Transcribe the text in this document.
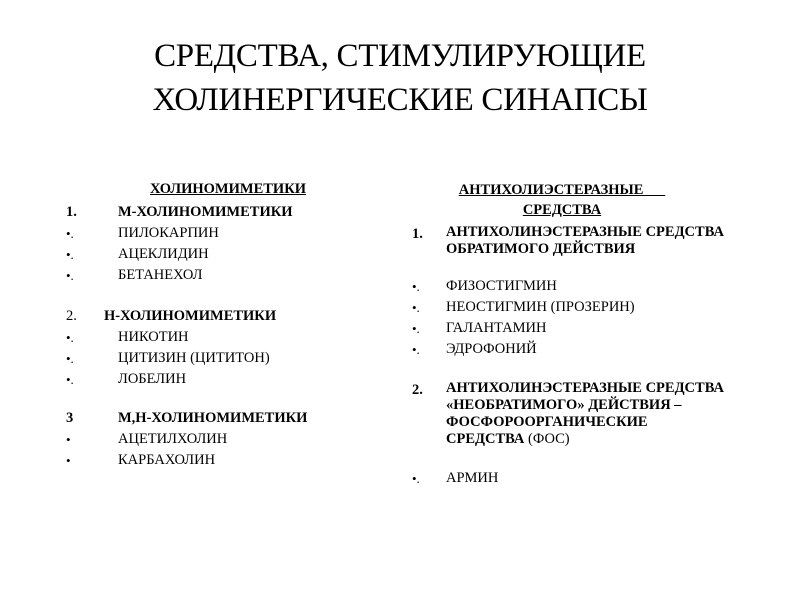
СРЕДСТВА, СТИМУЛИРУЮЩИЕ
ХОЛИНЕРГИЧЕСКИЕ СИНАПСЫ
ХОЛИНОМИМЕТИКИ
1.	М-ХОЛИНОМИМЕТИКИ
•.	ПИЛОКАРПИН
•.	АЦЕКЛИДИН
•.	БЕТАНЕХОЛ
2. Н-ХОЛИНОМИМЕТИКИ
•.	НИКОТИН
•.	ЦИТИЗИН (ЦИТИТОН)
•.	ЛОБЕЛИН
3	М,Н-ХОЛИНОМИМЕТИКИ
•	АЦЕТИЛХОЛИН
•	КАРБАХОЛИН
АНТИХОЛИЭСТЕРАЗНЫЕ
СРЕДСТВА
1. АНТИХОЛИНЭСТЕРАЗНЫЕ СРЕДСТВА ОБРАТИМОГО ДЕЙСТВИЯ
•. ФИЗОСТИГМИН
•. НЕОСТИГМИН (ПРОЗЕРИН)
•. ГАЛАНТАМИН
•. ЭДРОФОНИЙ
2. АНТИХОЛИНЭСТЕРАЗНЫЕ СРЕДСТВА «НЕОБРАТИМОГО» ДЕЙСТВИЯ – ФОСФОРООРГАНИЧЕСКИЕ СРЕДСТВА (ФОС)
•. АРМИН
